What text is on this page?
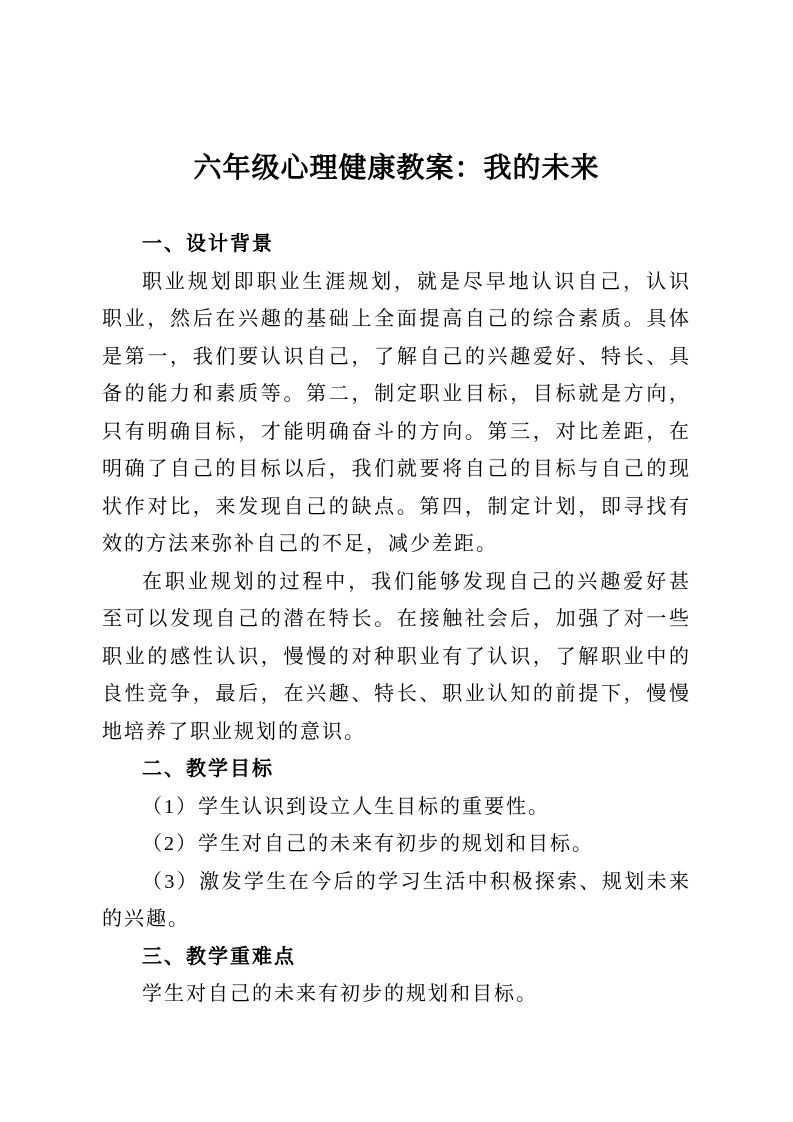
六年级心理健康教案：我的未来
一、设计背景

职业规划即职业生涯规划，就是尽早地认识自己，认识职业，然后在兴趣的基础上全面提高自己的综合素质。具体是第一，我们要认识自己，了解自己的兴趣爱好、特长、具备的能力和素质等。第二，制定职业目标，目标就是方向，只有明确目标，才能明确奋斗的方向。第三，对比差距，在明确了自己的目标以后，我们就要将自己的目标与自己的现状作对比，来发现自己的缺点。第四，制定计划，即寻找有效的方法来弥补自己的不足，减少差距。

在职业规划的过程中，我们能够发现自己的兴趣爱好甚至可以发现自己的潜在特长。在接触社会后，加强了对一些职业的感性认识，慢慢的对种职业有了认识，了解职业中的良性竞争，最后，在兴趣、特长、职业认知的前提下，慢慢地培养了职业规划的意识。

二、教学目标

（1）学生认识到设立人生目标的重要性。

（2）学生对自己的未来有初步的规划和目标。

（3）激发学生在今后的学习生活中积极探索、规划未来的兴趣。

三、教学重难点

学生对自己的未来有初步的规划和目标。
